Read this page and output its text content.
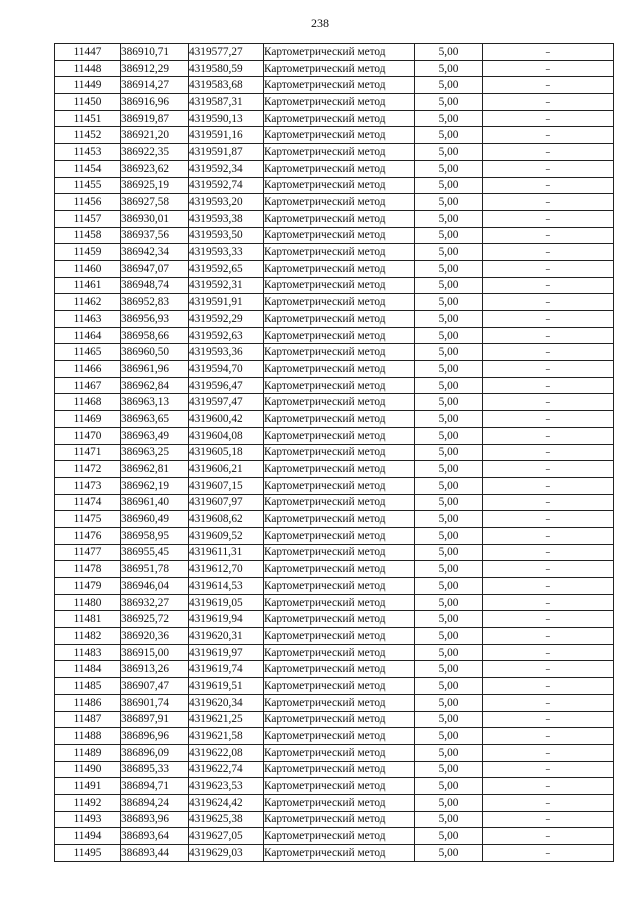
238
11447	386910,71	4319577,27	Картометрический метод	5,00	–
11448	386912,29	4319580,59	Картометрический метод	5,00	–
11449	386914,27	4319583,68	Картометрический метод	5,00	–
11450	386916,96	4319587,31	Картометрический метод	5,00	–
11451	386919,87	4319590,13	Картометрический метод	5,00	–
11452	386921,20	4319591,16	Картометрический метод	5,00	–
11453	386922,35	4319591,87	Картометрический метод	5,00	–
11454	386923,62	4319592,34	Картометрический метод	5,00	–
11455	386925,19	4319592,74	Картометрический метод	5,00	–
11456	386927,58	4319593,20	Картометрический метод	5,00	–
11457	386930,01	4319593,38	Картометрический метод	5,00	–
11458	386937,56	4319593,50	Картометрический метод	5,00	–
11459	386942,34	4319593,33	Картометрический метод	5,00	–
11460	386947,07	4319592,65	Картометрический метод	5,00	–
11461	386948,74	4319592,31	Картометрический метод	5,00	–
11462	386952,83	4319591,91	Картометрический метод	5,00	–
11463	386956,93	4319592,29	Картометрический метод	5,00	–
11464	386958,66	4319592,63	Картометрический метод	5,00	–
11465	386960,50	4319593,36	Картометрический метод	5,00	–
11466	386961,96	4319594,70	Картометрический метод	5,00	–
11467	386962,84	4319596,47	Картометрический метод	5,00	–
11468	386963,13	4319597,47	Картометрический метод	5,00	–
11469	386963,65	4319600,42	Картометрический метод	5,00	–
11470	386963,49	4319604,08	Картометрический метод	5,00	–
11471	386963,25	4319605,18	Картометрический метод	5,00	–
11472	386962,81	4319606,21	Картометрический метод	5,00	–
11473	386962,19	4319607,15	Картометрический метод	5,00	–
11474	386961,40	4319607,97	Картометрический метод	5,00	–
11475	386960,49	4319608,62	Картометрический метод	5,00	–
11476	386958,95	4319609,52	Картометрический метод	5,00	–
11477	386955,45	4319611,31	Картометрический метод	5,00	–
11478	386951,78	4319612,70	Картометрический метод	5,00	–
11479	386946,04	4319614,53	Картометрический метод	5,00	–
11480	386932,27	4319619,05	Картометрический метод	5,00	–
11481	386925,72	4319619,94	Картометрический метод	5,00	–
11482	386920,36	4319620,31	Картометрический метод	5,00	–
11483	386915,00	4319619,97	Картометрический метод	5,00	–
11484	386913,26	4319619,74	Картометрический метод	5,00	–
11485	386907,47	4319619,51	Картометрический метод	5,00	–
11486	386901,74	4319620,34	Картометрический метод	5,00	–
11487	386897,91	4319621,25	Картометрический метод	5,00	–
11488	386896,96	4319621,58	Картометрический метод	5,00	–
11489	386896,09	4319622,08	Картометрический метод	5,00	–
11490	386895,33	4319622,74	Картометрический метод	5,00	–
11491	386894,71	4319623,53	Картометрический метод	5,00	–
11492	386894,24	4319624,42	Картометрический метод	5,00	–
11493	386893,96	4319625,38	Картометрический метод	5,00	–
11494	386893,64	4319627,05	Картометрический метод	5,00	–
11495	386893,44	4319629,03	Картометрический метод	5,00	–
